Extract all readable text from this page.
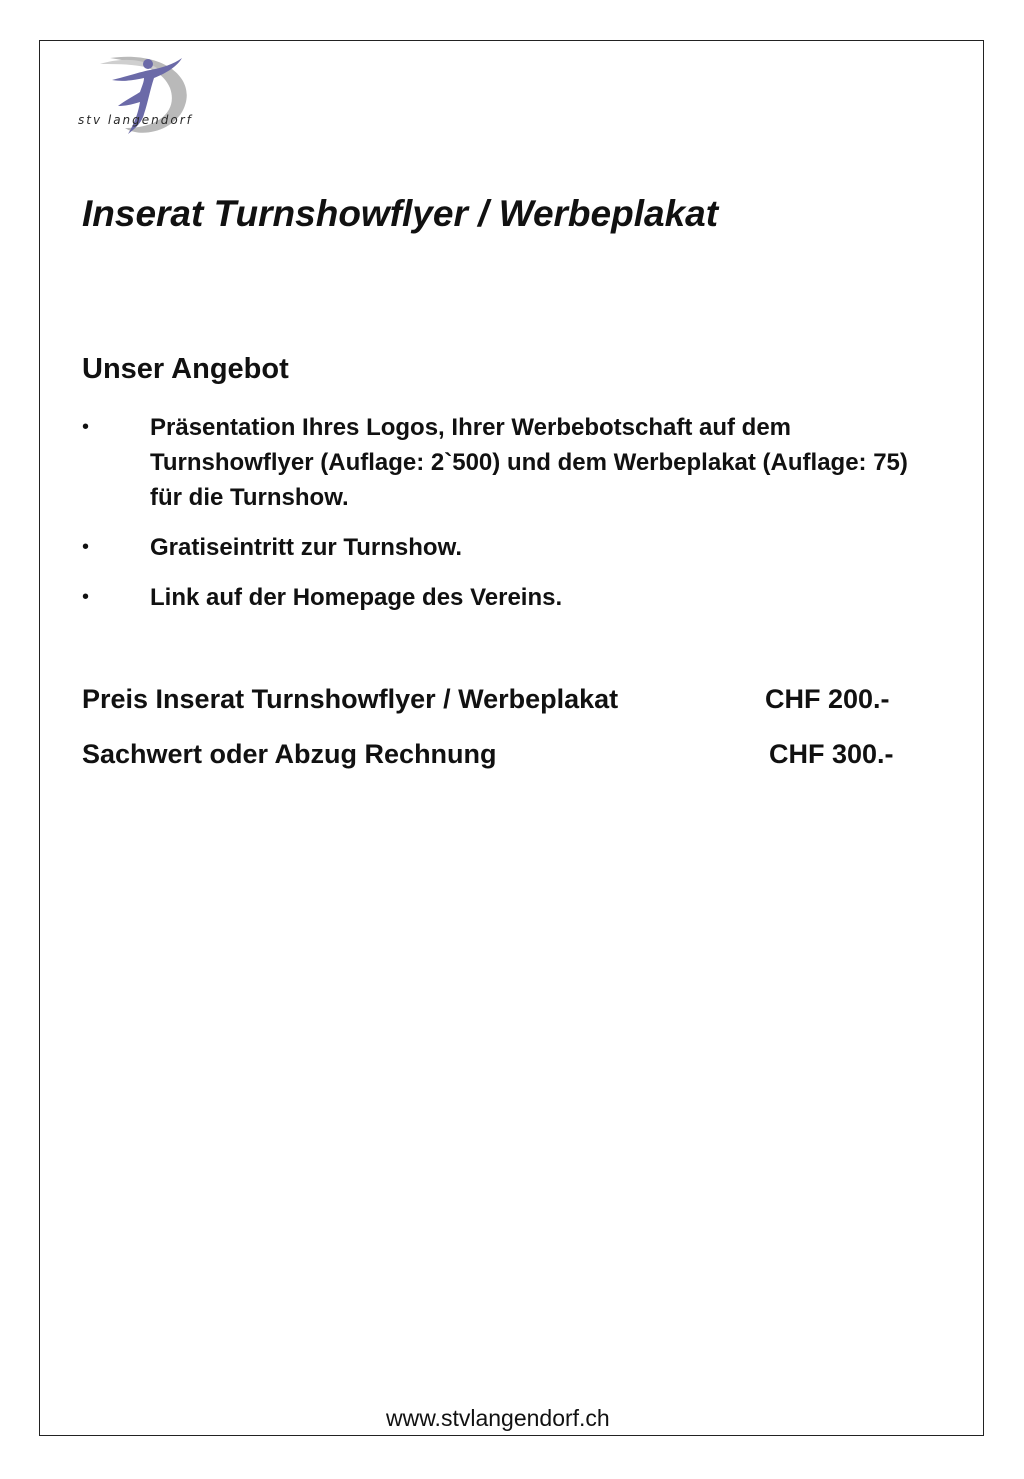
stv langendorf
Inserat Turnshowflyer / Werbeplakat
Unser Angebot
•	Präsentation Ihres Logos, Ihrer Werbebotschaft auf dem Turnshowflyer (Auflage: 2`500) und dem Werbeplakat (Auflage: 75) für die Turnshow.
•	Gratiseintritt zur Turnshow.
•	Link auf der Homepage des Vereins.
Preis Inserat Turnshowflyer / Werbeplakat	CHF 200.-
Sachwert oder Abzug Rechnung	CHF 300.-
www.stvlangendorf.ch
